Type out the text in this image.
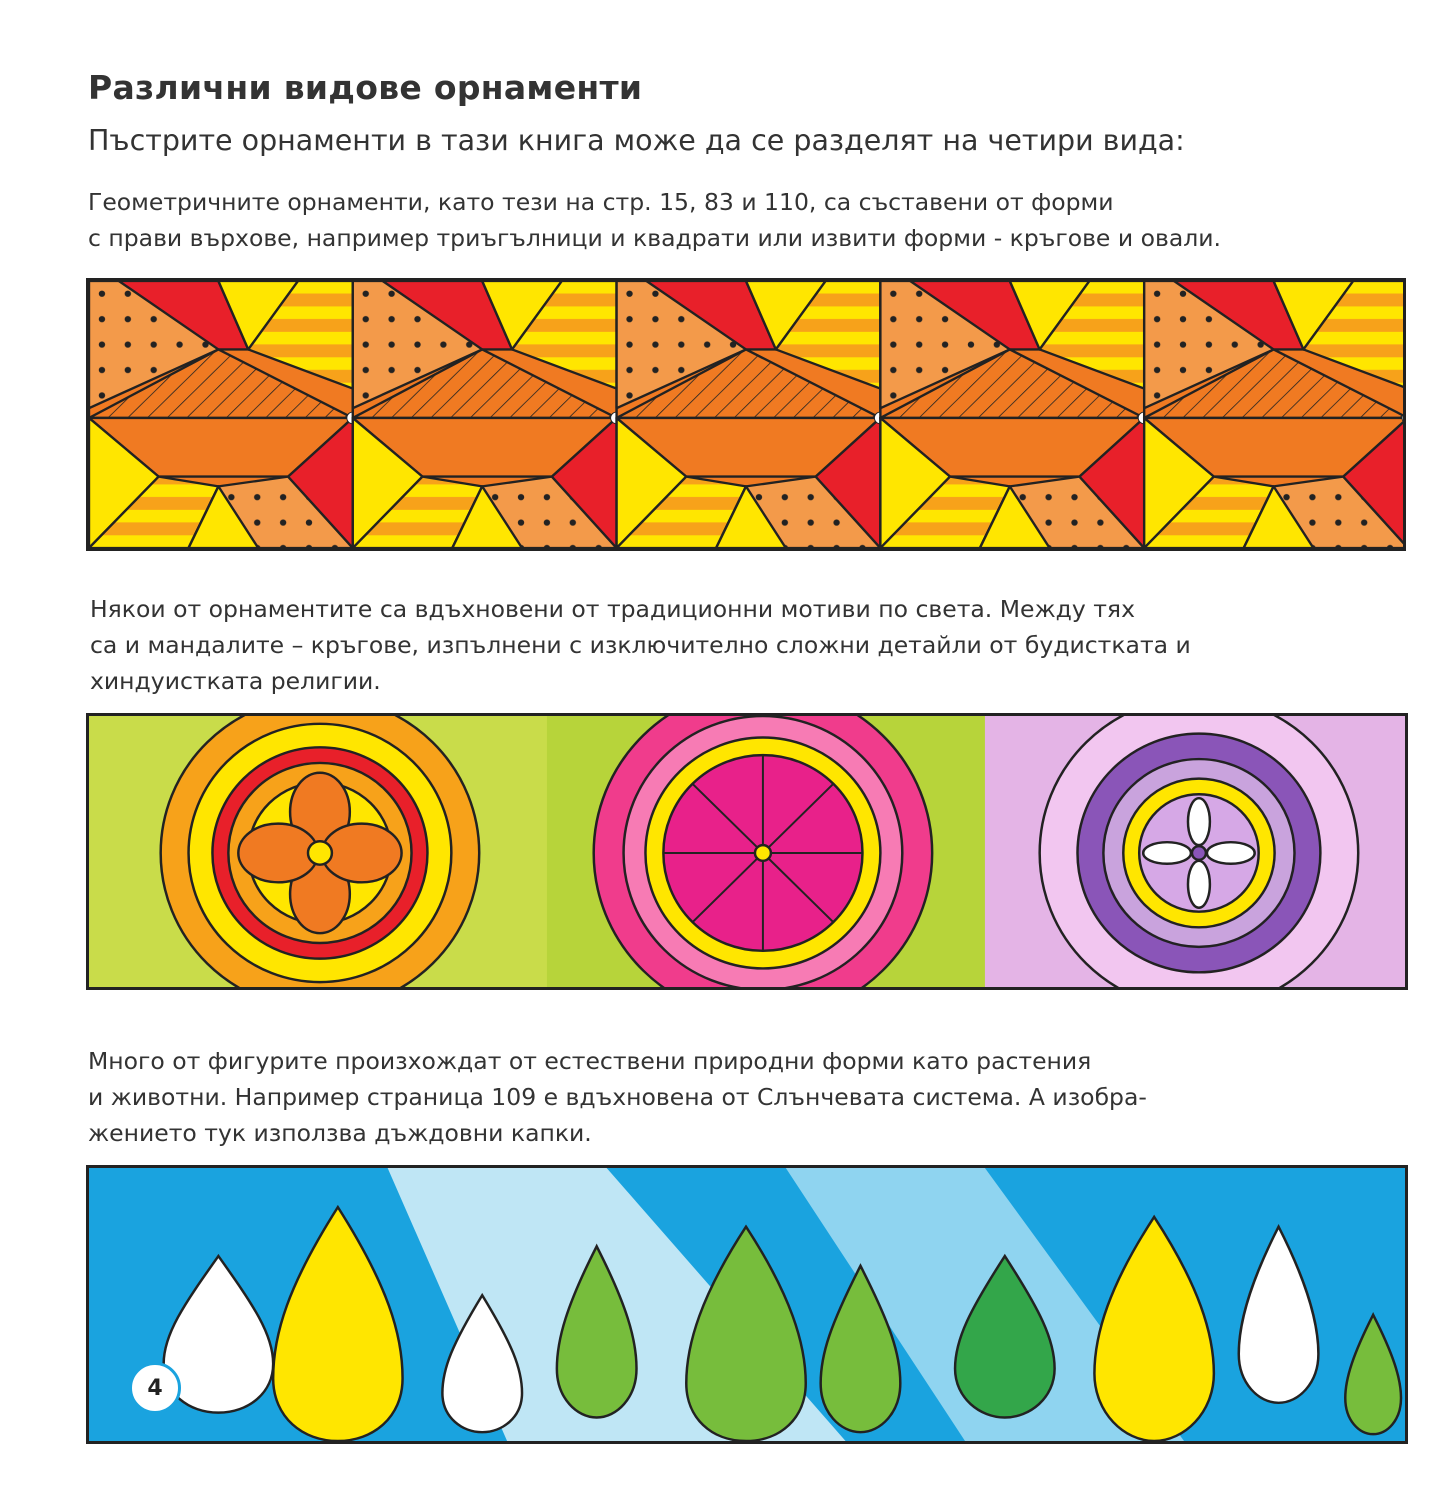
Различни видове орнаменти

Пъстрите орнаменти в тази книга може да се разделят на четири вида:

Геометричните орнаменти, като тези на стр. 15, 83 и 110, са съставени от форми
с прави върхове, например триъгълници и квадрати или извити форми - кръгове и овали.

Някои от орнаментите са вдъхновени от традиционни мотиви по света. Между тях
са и мандалите – кръгове, изпълнени с изключително сложни детайли от будистката и
хиндуистката религии.

Много от фигурите произхождат от естествени природни форми като растения
и животни. Например страница 109 е вдъхновена от Слънчевата система. А изобра-
жението тук използва дъждовни капки.

4
